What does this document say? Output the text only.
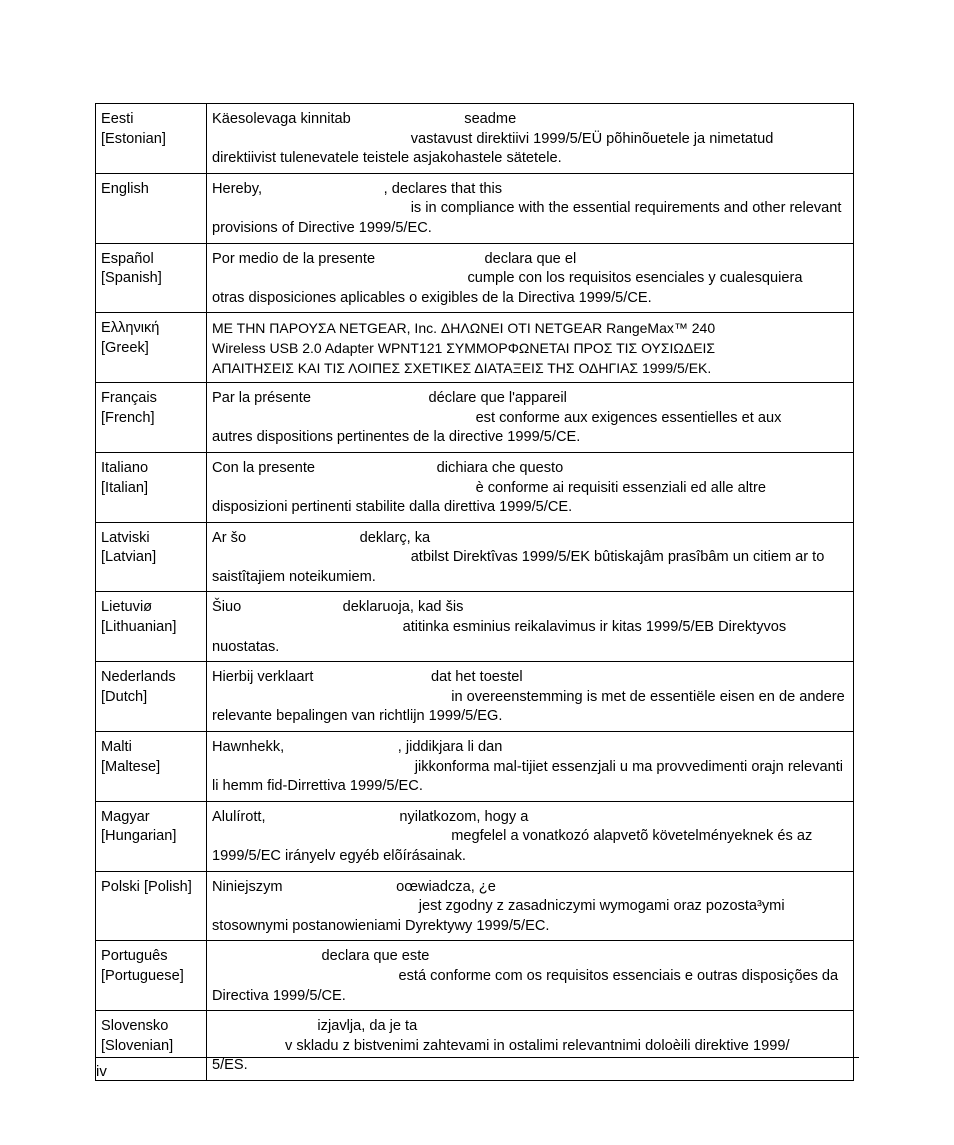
Eesti
[Estonian]	Käesolevaga kinnitab                            seadme
vastavust direktiivi 1999/5/EÜ põhinõuetele ja nimetatud
direktiivist tulenevatele teistele asjakohastele sätetele.

English	Hereby,                              , declares that this
is in compliance with the essential requirements and other relevant
provisions of Directive 1999/5/EC.

Español
[Spanish]	Por medio de la presente                           declara que el
cumple con los requisitos esenciales y cualesquiera
otras disposiciones aplicables o exigibles de la Directiva 1999/5/CE.

Ελληνική
[Greek]	ΜΕ ΤΗΝ ΠΑΡΟΥΣΑ NETGEAR, Inc. ΔΗΛΩΝΕΙ ΟΤΙ NETGEAR RangeMax™ 240
Wireless USB 2.0 Adapter WPNT121 ΣΥΜΜΟΡΦΩΝΕΤΑΙ ΠΡΟΣ ΤΙΣ ΟΥΣΙΩΔΕΙΣ
ΑΠΑΙΤΗΣΕΙΣ ΚΑΙ ΤΙΣ ΛΟΙΠΕΣ ΣΧΕΤΙΚΕΣ ΔΙΑΤΑΞΕΙΣ ΤΗΣ ΟΔΗΓΙΑΣ 1999/5/ΕΚ.

Français
[French]	Par la présente                             déclare que l'appareil
est conforme aux exigences essentielles et aux
autres dispositions pertinentes de la directive 1999/5/CE.

Italiano
[Italian]	Con la presente                              dichiara che questo
è conforme ai requisiti essenziali ed alle altre
disposizioni pertinenti stabilite dalla direttiva 1999/5/CE.

Latviski
[Latvian]	Ar šo                            deklarç, ka
atbilst Direktîvas 1999/5/EK bûtiskajâm prasîbâm un citiem ar to
saistîtajiem noteikumiem.

Lietuviø
[Lithuanian]	Šiuo                         deklaruoja, kad šis
atitinka esminius reikalavimus ir kitas 1999/5/EB Direktyvos nuostatas.

Nederlands
[Dutch]	Hierbij verklaart                             dat het toestel
in overeenstemming is met de essentiële eisen en de andere
relevante bepalingen van richtlijn 1999/5/EG.

Malti
[Maltese]	Hawnhekk,                            , jiddikjara li dan
jikkonforma mal-tijiet essenzjali u ma provvedimenti orajn relevanti
li hemm fid-Dirrettiva 1999/5/EC.

Magyar
[Hungarian]	Alulírott,                                 nyilatkozom, hogy a
megfelel a vonatkozó alapvetõ követelményeknek és az
1999/5/EC irányelv egyéb elõírásainak.

Polski [Polish]	Niniejszym                            oœwiadcza, ¿e
jest zgodny z zasadniczymi wymogami oraz pozosta³ymi
stosownymi postanowieniami Dyrektywy 1999/5/EC.

Português
[Portuguese]	declara que este
está conforme com os requisitos essenciais e outras disposições da
Directiva 1999/5/CE.

Slovensko
[Slovenian]	izjavlja, da je ta
v skladu z bistvenimi zahtevami in ostalimi relevantnimi doloèili direktive 1999/
5/ES.
iv
